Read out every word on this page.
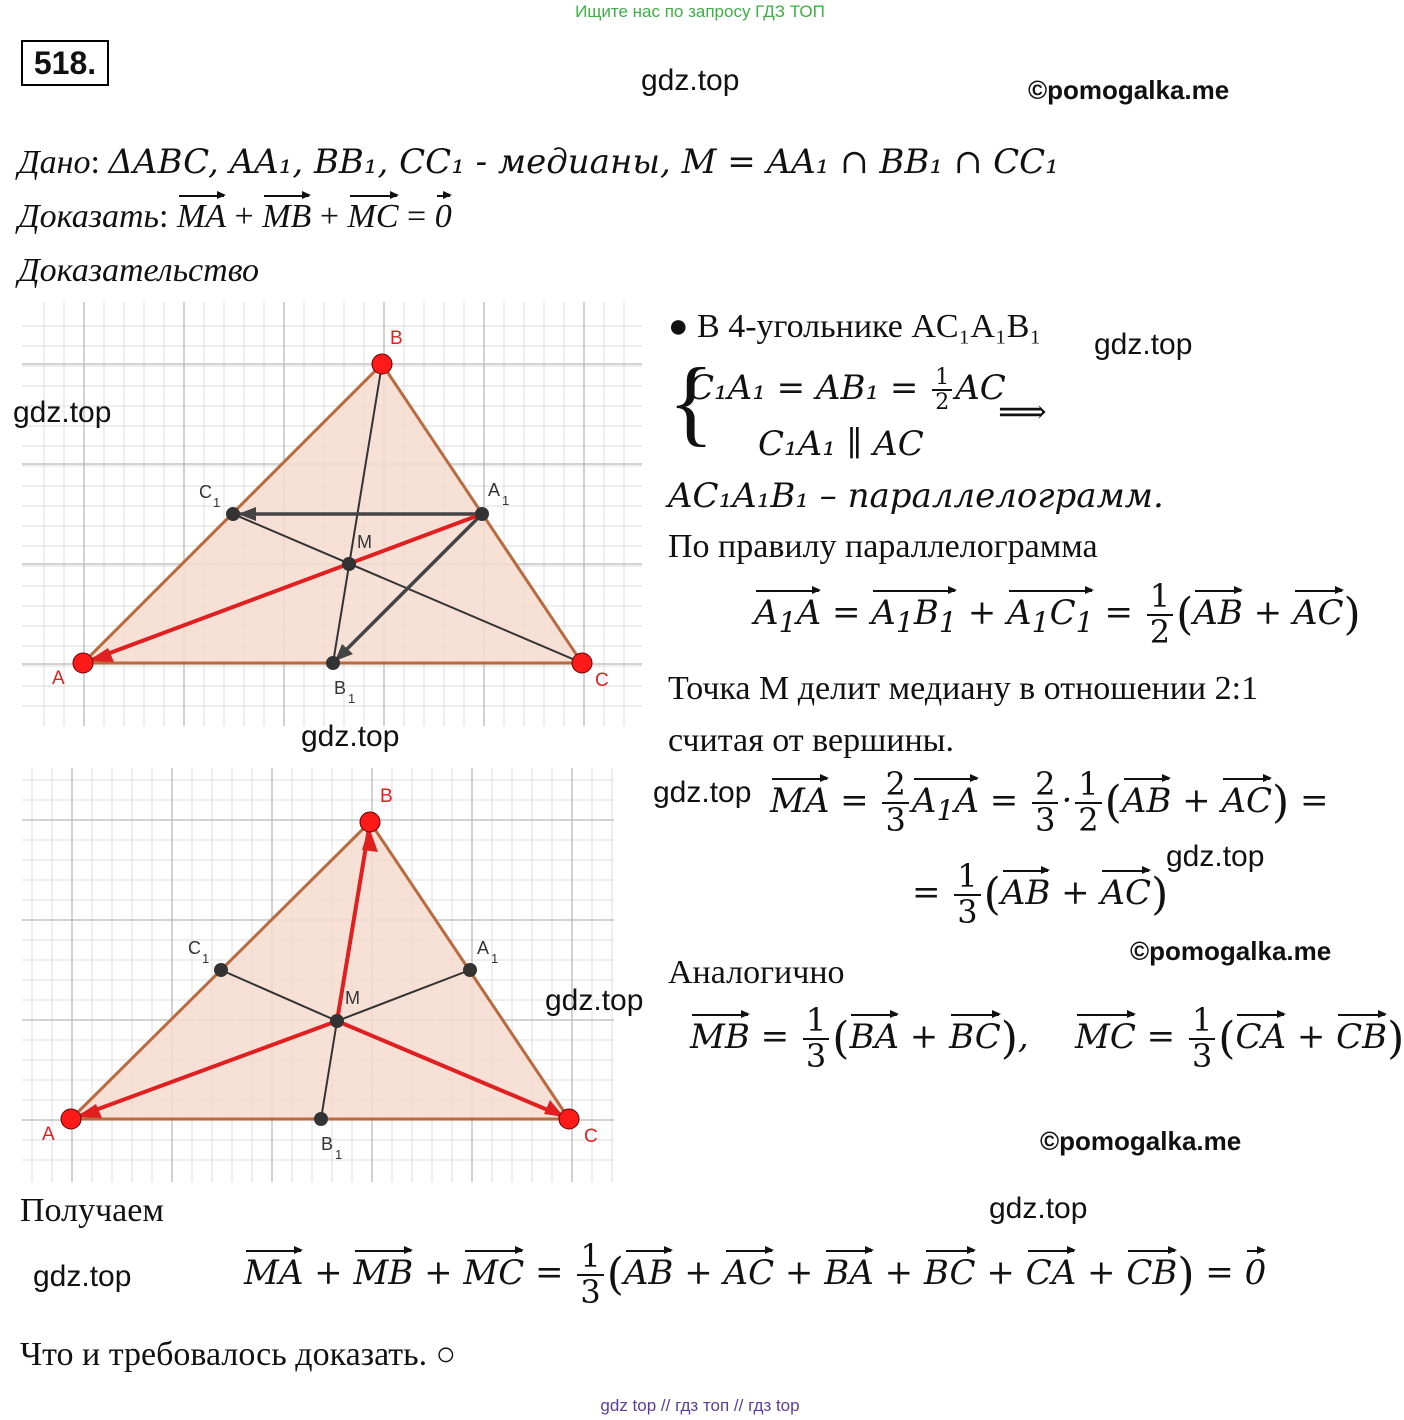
Ищите нас по запросу ГДЗ ТОП
518.	gdz.top	©pomogalka.me
Дано: ΔABC, AA₁, BB₁, CC₁ - медианы, M = AA₁ ∩ BB₁ ∩ CC₁
Доказать: MA + MB + MC = 0
Доказательство
A
B
C
M
C
1
A
1
B
1
gdz.top
gdz.top
● В 4-угольнике AC₁A₁B₁ gdz.top
{
$C_1A_1 = AB_1 = \frac{1}{2}$ AC
C₁A₁ ∥ AC
⟹
AC₁A₁B₁ – параллелограмм.
По правилу параллелограмма
$A_1A = A_1B_1 + A_1C_1 = \frac{1}{2} (AB + AC)$
Точка M делит медиану в отношении 2:1
считая от вершины.
gdz.top MA = $\frac{2}{3} A_1A = \frac{2}{3} \cdot \frac{1}{2} (AB + AC)$ =
gdz.top
= $\frac{1}{3} (AB + AC)$
©pomogalka.me
Аналогично
MB = $\frac{1}{3} (BA + BC)$, MC = $\frac{1}{3} (CA + CB)$
A
B
C
M
C
1
A
1
B
1
gdz.top
©pomogalka.me
Получаем	gdz.top
gdz.top	MA + MB + MC = $\frac{1}{3} (AB$ + AC + BA + BC + CA + CB) = 0
Что и требовалось доказать. ○
gdz top // гдз топ // гдз top
